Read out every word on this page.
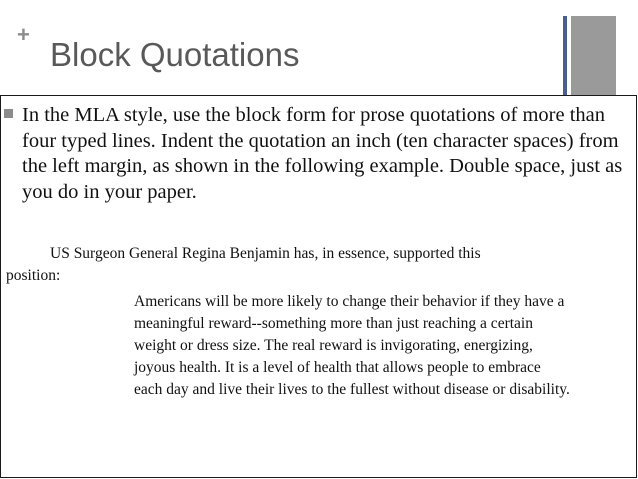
+
Block Quotations
In the MLA style, use the block form for prose quotations of more than four typed lines. Indent the quotation an inch (ten character spaces) from the left margin, as shown in the following example. Double space, just as you do in your paper.
US Surgeon General Regina Benjamin has, in essence, supported this
position:
Americans will be more likely to change their behavior if they have a
meaningful reward--something more than just reaching a certain
weight or dress size. The real reward is invigorating, energizing,
joyous health. It is a level of health that allows people to embrace
each day and live their lives to the fullest without disease or disability.
